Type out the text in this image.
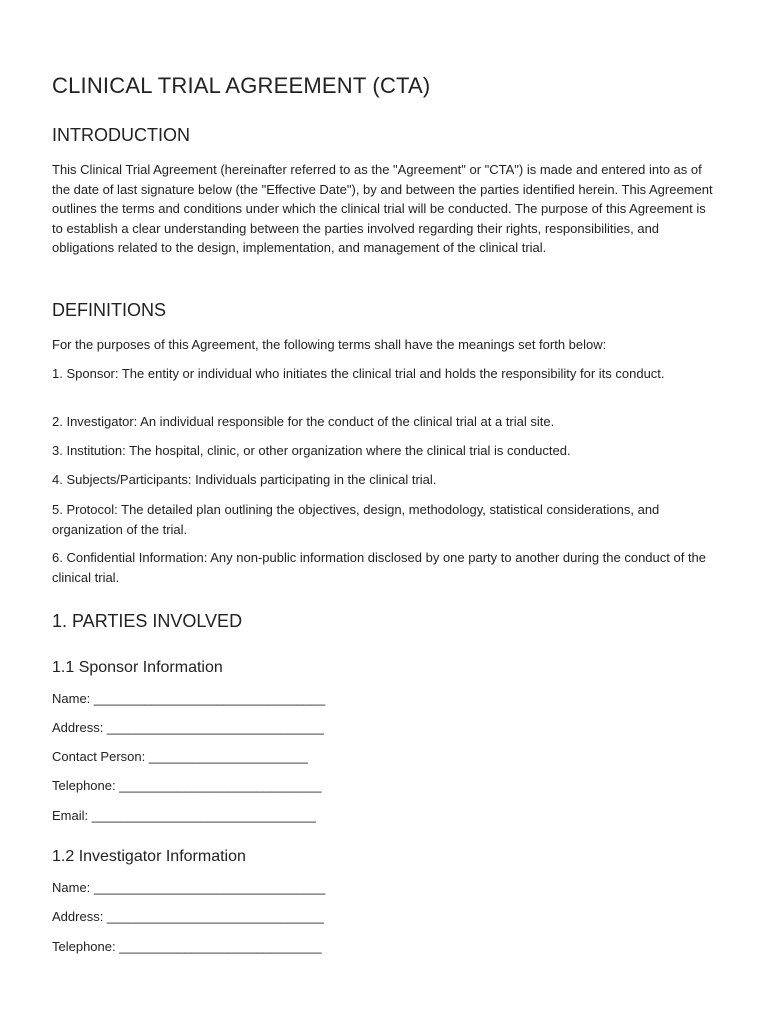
CLINICAL TRIAL AGREEMENT (CTA)
INTRODUCTION

This Clinical Trial Agreement (hereinafter referred to as the "Agreement" or "CTA") is made and entered into as of the date of last signature below (the "Effective Date"), by and between the parties identified herein. This Agreement outlines the terms and conditions under which the clinical trial will be conducted. The purpose of this Agreement is to establish a clear understanding between the parties involved regarding their rights, responsibilities, and obligations related to the design, implementation, and management of the clinical trial.

DEFINITIONS

For the purposes of this Agreement, the following terms shall have the meanings set forth below:

1. Sponsor: The entity or individual who initiates the clinical trial and holds the responsibility for its conduct.

2. Investigator: An individual responsible for the conduct of the clinical trial at a trial site.

3. Institution: The hospital, clinic, or other organization where the clinical trial is conducted.

4. Subjects/Participants: Individuals participating in the clinical trial.

5. Protocol: The detailed plan outlining the objectives, design, methodology, statistical considerations, and organization of the trial.

6. Confidential Information: Any non-public information disclosed by one party to another during the conduct of the clinical trial.

1. PARTIES INVOLVED
1.1 Sponsor Information

Name: ________________________________

Address: ______________________________

Contact Person: ______________________

Telephone: ____________________________

Email: _______________________________

1.2 Investigator Information

Name: ________________________________

Address: ______________________________

Telephone: ____________________________
